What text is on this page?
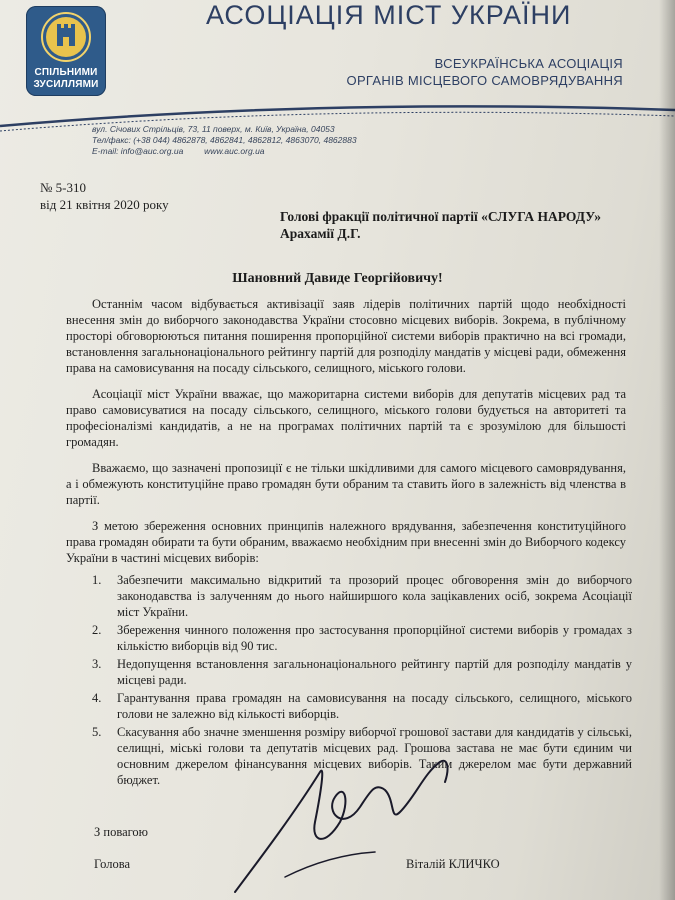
СПІЛЬНИМИ
ЗУСИЛЛЯМИ
АСОЦІАЦІЯ МІСТ УКРАЇНИ
ВСЕУКРАЇНСЬКА АСОЦІАЦІЯ
ОРГАНІВ МІСЦЕВОГО САМОВРЯДУВАННЯ
вул. Січових Стрільців, 73, 11 поверх, м. Київ, Україна, 04053
Тел/факс: (+38 044) 4862878, 4862841, 4862812, 4863070, 4862883
E-mail: info@auc.org.ua www.auc.org.ua
№ 5-310
від 21 квітня 2020 року
Голові фракції політичної партії «СЛУГА НАРОДУ»
Арахамії Д.Г.
Шановний Давиде Георгійовичу!

Останнім часом відбувається активізації заяв лідерів політичних партій щодо необхідності внесення змін до виборчого законодавства України стосовно місцевих виборів. Зокрема, в публічному просторі обговорюються питання поширення пропорційної системи виборів практично на всі громади, встановлення загальнонаціонального рейтингу партій для розподілу мандатів у місцеві ради, обмеження права на самовисування на посаду сільського, селищного, міського голови.

Асоціації міст України вважає, що мажоритарна системи виборів для депутатів місцевих рад та право самовисуватися на посаду сільського, селищного, міського голови будується на авторитеті та професіоналізмі кандидатів, а не на програмах політичних партій та є зрозумілою для більшості громадян.

Вважаємо, що зазначені пропозиції є не тільки шкідливими для самого місцевого самоврядування, а і обмежують конституційне право громадян бути обраним та ставить його в залежність від членства в партії.

З метою збереження основних принципів належного врядування, забезпечення конституційного права громадян обирати та бути обраним, вважаємо необхідним при внесенні змін до Виборчого кодексу України в частині місцевих виборів:

1. Забезпечити максимально відкритий та прозорий процес обговорення змін до виборчого законодавства із залученням до нього найширшого кола зацікавлених осіб, зокрема Асоціації міст України.
2. Збереження чинного положення про застосування пропорційної системи виборів у громадах з кількістю виборців від 90 тис.
3. Недопущення встановлення загальнонаціонального рейтингу партій для розподілу мандатів у місцеві ради.
4. Гарантування права громадян на самовисування на посаду сільського, селищного, міського голови не залежно від кількості виборців.
5. Скасування або значне зменшення розміру виборчої грошової застави для кандидатів у сільські, селищні, міські голови та депутатів місцевих рад. Грошова застава не має бути єдиним чи основним джерелом фінансування місцевих виборів. Таким джерелом має бути державний бюджет.
З повагою
Голова	Віталій КЛИЧКО
